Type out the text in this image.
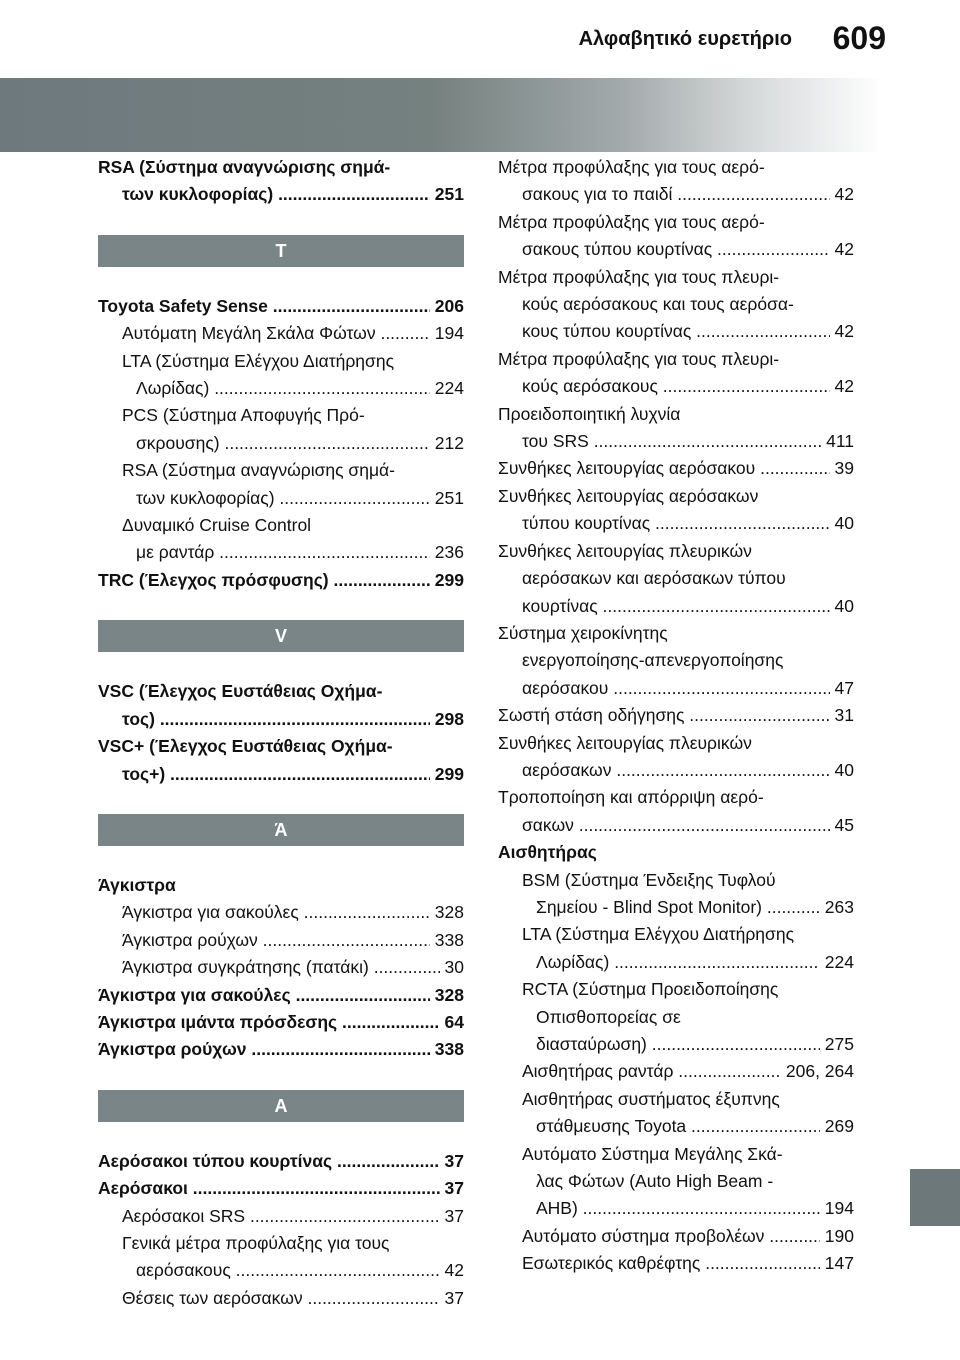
Αλφαβητικό ευρετήριο 609
RSA (Σύστημα αναγνώρισης σημά-
των κυκλοφορίας) .....	251
T
Toyota Safety Sense .....	206
Αυτόματη Μεγάλη Σκάλα Φώτων .....	194
LTA (Σύστημα Ελέγχου Διατήρησης
Λωρίδας) .....	224
PCS (Σύστημα Αποφυγής Πρό-
σκρουσης) .....	212
RSA (Σύστημα αναγνώρισης σημά-
των κυκλοφορίας) .....	251
Δυναμικό Cruise Control
με ραντάρ .....	236
TRC (Έλεγχος πρόσφυσης) .....	299
V
VSC (Έλεγχος Ευστάθειας Οχήμα-
τος) .....	298
VSC+ (Έλεγχος Ευστάθειας Οχήμα-
τος+) .....	299
Ά
Άγκιστρα
Άγκιστρα για σακούλες .....	328
Άγκιστρα ρούχων .....	338
Άγκιστρα συγκράτησης (πατάκι) .....	30
Άγκιστρα για σακούλες .....	328
Άγκιστρα ιμάντα πρόσδεσης .....	64
Άγκιστρα ρούχων .....	338
Α
Αερόσακοι τύπου κουρτίνας .....	37
Αερόσακοι .....	37
Αερόσακοι SRS .....	37
Γενικά μέτρα προφύλαξης για τους
αερόσακους .....	42
Θέσεις των αερόσακων .....	37
Μέτρα προφύλαξης για τους αερό-
σακους για το παιδί .....	42
Μέτρα προφύλαξης για τους αερό-
σακους τύπου κουρτίνας .....	42
Μέτρα προφύλαξης για τους πλευρι-
κούς αερόσακους και τους αερόσα-
κους τύπου κουρτίνας .....	42
Μέτρα προφύλαξης για τους πλευρι-
κούς αερόσακους .....	42
Προειδοποιητική λυχνία
του SRS .....	411
Συνθήκες λειτουργίας αερόσακου .....	39
Συνθήκες λειτουργίας αερόσακων
τύπου κουρτίνας .....	40
Συνθήκες λειτουργίας πλευρικών
αερόσακων και αερόσακων τύπου
κουρτίνας .....	40
Σύστημα χειροκίνητης
ενεργοποίησης-απενεργοποίησης
αερόσακου .....	47
Σωστή στάση οδήγησης .....	31
Συνθήκες λειτουργίας πλευρικών
αερόσακων .....	40
Τροποποίηση και απόρριψη αερό-
σακων .....	45
Αισθητήρας
BSM (Σύστημα Ένδειξης Τυφλού
Σημείου - Blind Spot Monitor) .....	263
LTA (Σύστημα Ελέγχου Διατήρησης
Λωρίδας) .....	224
RCTA (Σύστημα Προειδοποίησης
Οπισθοπορείας σε
διασταύρωση) .....	275
Αισθητήρας ραντάρ .....	206, 264
Αισθητήρας συστήματος έξυπνης
στάθμευσης Toyota .....	269
Αυτόματο Σύστημα Μεγάλης Σκά-
λας Φώτων (Auto High Beam -
AHB) .....	194
Αυτόματο σύστημα προβολέων .....	190
Εσωτερικός καθρέφτης .....	147
